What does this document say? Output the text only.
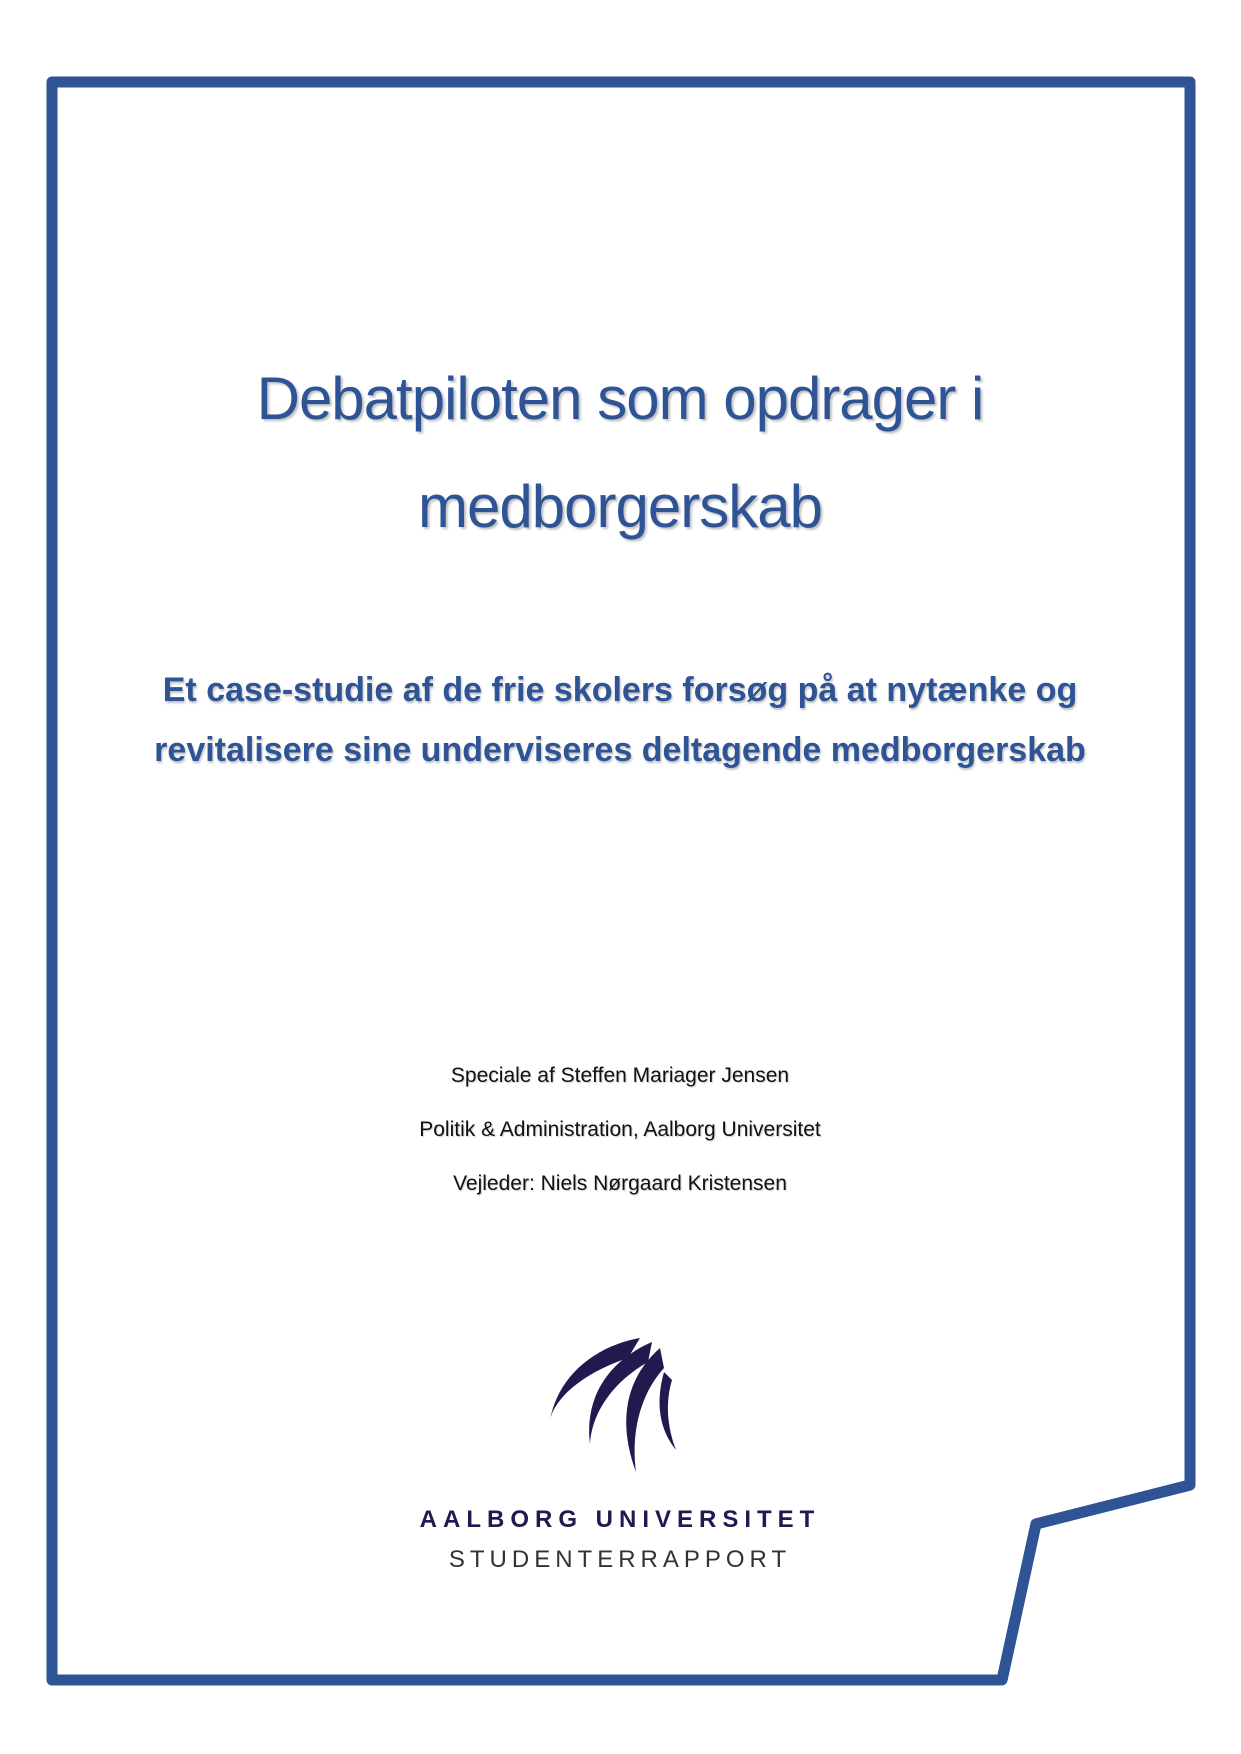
Debatpiloten som opdrager i medborgerskab
Et case-studie af de frie skolers forsøg på at nytænke og revitalisere sine underviseres deltagende medborgerskab

Speciale af Steffen Mariager Jensen

Politik & Administration, Aalborg Universitet

Vejleder: Niels Nørgaard Kristensen

AALBORG UNIVERSITET
STUDENTERRAPPORT
